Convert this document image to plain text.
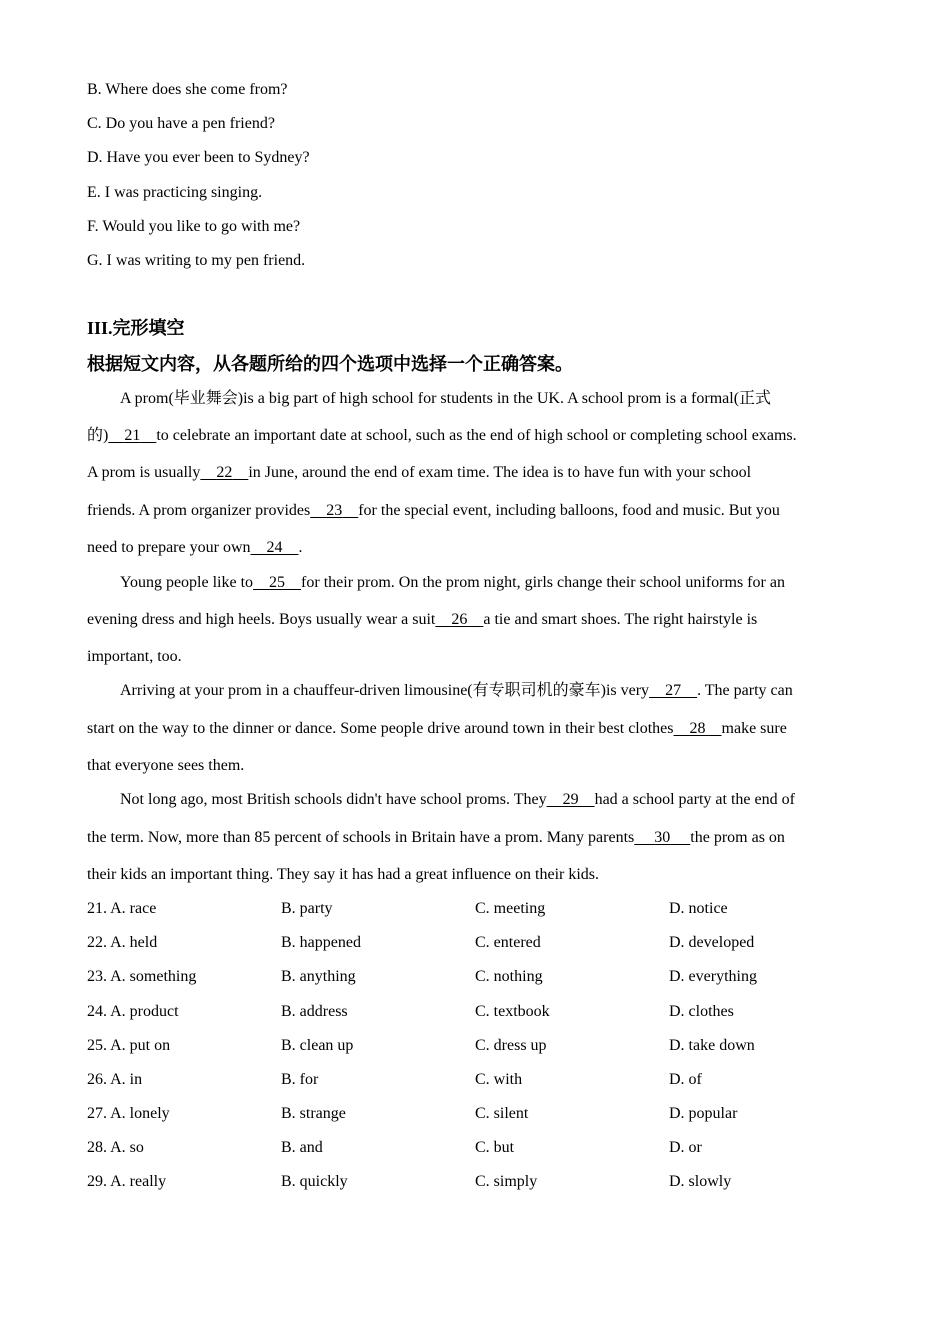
B. Where does she come from?
C. Do you have a pen friend?
D. Have you ever been to Sydney?
E. I was practicing singing.
F. Would you like to go with me?
G. I was writing to my pen friend.
III.完形填空
根据短文内容，从各题所给的四个选项中选择一个正确答案。
A prom(毕业舞会)is a big part of high school for students in the UK. A school prom is a formal(正式
的) 21 to celebrate an important date at school, such as the end of high school or completing school exams.
A prom is usually 22 in June, around the end of exam time. The idea is to have fun with your school
friends. A prom organizer provides 23 for the special event, including balloons, food and music. But you
need to prepare your own 24 .
Young people like to 25 for their prom. On the prom night, girls change their school uniforms for an
evening dress and high heels. Boys usually wear a suit 26 a tie and smart shoes. The right hairstyle is
important, too.
Arriving at your prom in a chauffeur-driven limousine(有专职司机的豪车)is very 27 . The party can
start on the way to the dinner or dance. Some people drive around town in their best clothes 28 make sure
that everyone sees them.
Not long ago, most British schools didn't have school proms. They 29 had a school party at the end of
the term. Now, more than 85 percent of schools in Britain have a prom. Many parents 30 the prom as on
their kids an important thing. They say it has had a great influence on their kids.
21. A. race	B. party	C. meeting	D. notice
22. A. held	B. happened	C. entered	D. developed
23. A. something	B. anything	C. nothing	D. everything
24. A. product	B. address	C. textbook	D. clothes
25. A. put on	B. clean up	C. dress up	D. take down
26. A. in	B. for	C. with	D. of
27. A. lonely	B. strange	C. silent	D. popular
28. A. so	B. and	C. but	D. or
29. A. really	B. quickly	C. simply	D. slowly
